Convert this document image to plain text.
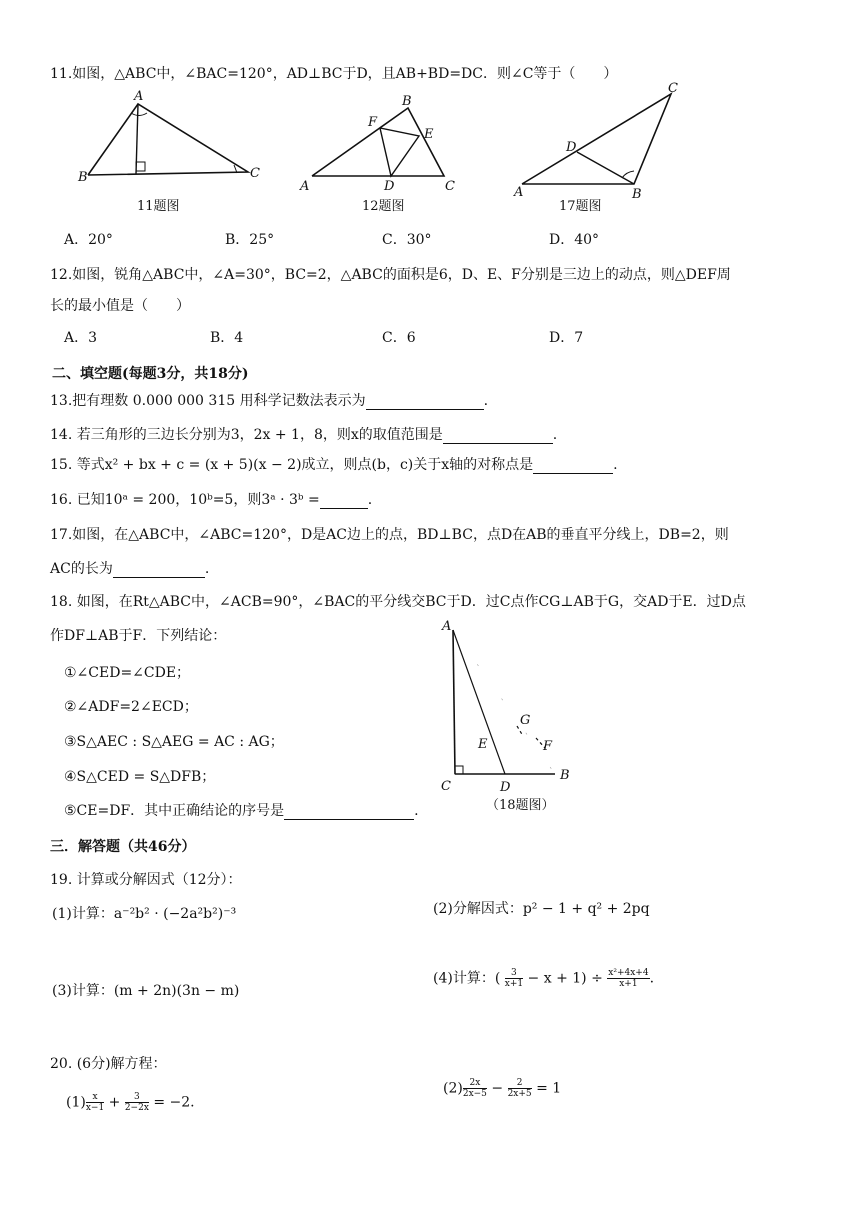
11.如图，△ABC中，∠BAC=120°，AD⊥BC于D，且AB+BD=DC．则∠C等于（　　）
A
B	C
B
F
E
A	D	C
C
D
A	B
A
G
E	F
C	D
B
11题图	12题图	17题图
A．20°	B．25°	C．30°	D．40°
12.如图，锐角△ABC中，∠A=30°，BC=2，△ABC的面积是6，D、E、F分别是三边上的动点，则△DEF周
长的最小值是（　　）
A．3	B．4	C．6	D．7
二、填空题(每题3分，共18分)
13.把有理数 0.000 000 315 用科学记数法表示为	.
14. 若三角形的三边长分别为3，2x + 1，8，则x的取值范围是	.
15. 等式x² + bx + c = (x + 5)(x − 2)成立，则点(b，c)关于x轴的对称点是	.
16. 已知10ᵃ = 200，10ᵇ=5，则3ᵃ · 3ᵇ =	.
17.如图，在△ABC中，∠ABC=120°，D是AC边上的点，BD⊥BC，点D在AB的垂直平分线上，DB=2，则
AC的长为	.
18. 如图，在Rt△ABC中，∠ACB=90°，∠BAC的平分线交BC于D．过C点作CG⊥AB于G，交AD于E．过D点
作DF⊥AB于F．下列结论：
①∠CED=∠CDE；
②∠ADF=2∠ECD；
③S△AEC : S△AEG = AC : AG；
④S△CED = S△DFB；
⑤CE=DF．其中正确结论的序号是	.	（18题图）
三．解答题（共46分）
19. 计算或分解因式（12分）：
(1)计算：a⁻²b² · (−2a²b²)⁻³	(2)分解因式：p² − 1 + q² + 2pq
(3)计算：(m + 2n)(3n − m)
(4)计算：( $\frac{3}{x+1} - x + 1) \div \frac{\text{x²+4x+4}}{x+1}$ .
20. (6分)解方程：
$(1) \frac{x}{x-1} + \frac{3}{2-2x} = -2$.
$(2) \frac{2x}{2x-5} - \frac{2}{2x+5} = 1$
